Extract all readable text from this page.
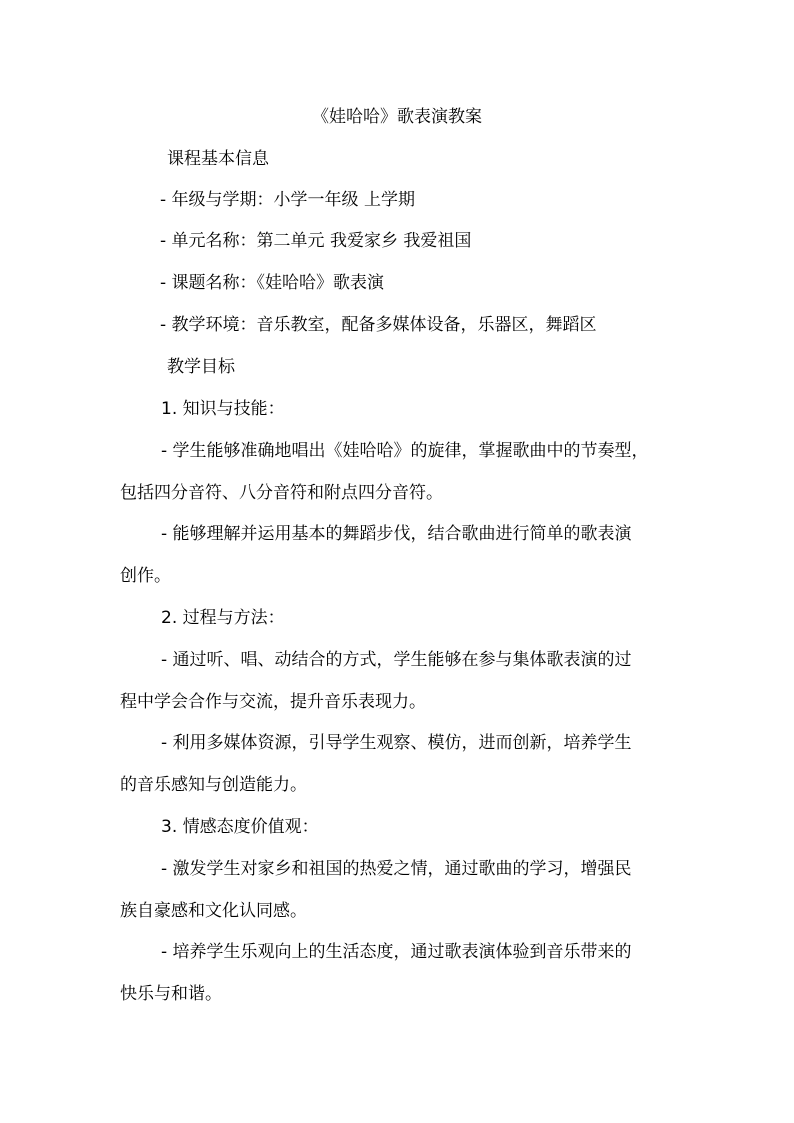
《娃哈哈》歌表演教案
课程基本信息
- 年级与学期：小学一年级 上学期
- 单元名称：第二单元 我爱家乡 我爱祖国
- 课题名称：《娃哈哈》歌表演
- 教学环境：音乐教室，配备多媒体设备，乐器区，舞蹈区
教学目标
1. 知识与技能：
- 学生能够准确地唱出《娃哈哈》的旋律，掌握歌曲中的节奏型，
包括四分音符、八分音符和附点四分音符。
- 能够理解并运用基本的舞蹈步伐，结合歌曲进行简单的歌表演
创作。
2. 过程与方法：
- 通过听、唱、动结合的方式，学生能够在参与集体歌表演的过
程中学会合作与交流，提升音乐表现力。
- 利用多媒体资源，引导学生观察、模仿，进而创新，培养学生
的音乐感知与创造能力。
3. 情感态度价值观：
- 激发学生对家乡和祖国的热爱之情，通过歌曲的学习，增强民
族自豪感和文化认同感。
- 培养学生乐观向上的生活态度，通过歌表演体验到音乐带来的
快乐与和谐。
